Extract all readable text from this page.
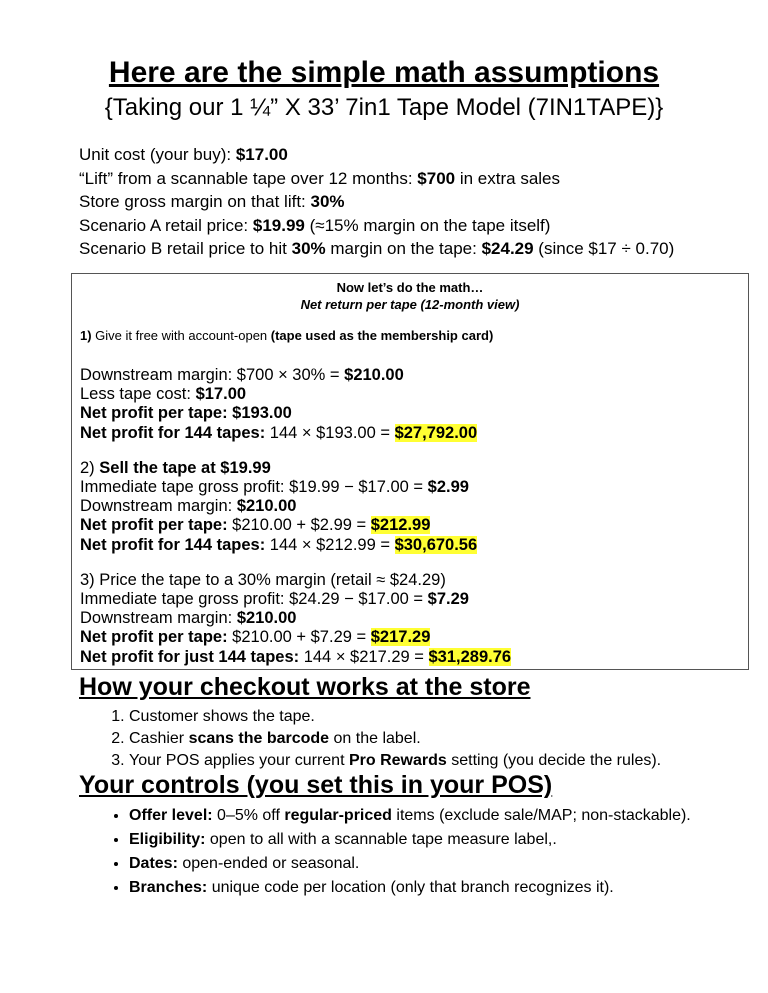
Here are the simple math assumptions
{Taking our 1 ¼” X 33’ 7in1 Tape Model (7IN1TAPE)}
Unit cost (your buy): $17.00
“Lift” from a scannable tape over 12 months: $700 in extra sales
Store gross margin on that lift: 30%
Scenario A retail price: $19.99 (≈15% margin on the tape itself)
Scenario B retail price to hit 30% margin on the tape: $24.29 (since $17 ÷ 0.70)
Now let’s do the math…
Net return per tape (12-month view)
1) Give it free with account-open (tape used as the membership card)
Downstream margin: $700 × 30% = $210.00
Less tape cost: $17.00
Net profit per tape: $193.00
Net profit for 144 tapes: 144 × $193.00 = $27,792.00
2) Sell the tape at $19.99
Immediate tape gross profit: $19.99 − $17.00 = $2.99
Downstream margin: $210.00
Net profit per tape: $210.00 + $2.99 = $212.99
Net profit for 144 tapes: 144 × $212.99 = $30,670.56
3) Price the tape to a 30% margin (retail ≈ $24.29)
Immediate tape gross profit: $24.29 − $17.00 = $7.29
Downstream margin: $210.00
Net profit per tape: $210.00 + $7.29 = $217.29
Net profit for just 144 tapes: 144 × $217.29 = $31,289.76
How your checkout works at the store
1. Customer shows the tape.
2. Cashier scans the barcode on the label.
3. Your POS applies your current Pro Rewards setting (you decide the rules).
Your controls (you set this in your POS)
• Offer level: 0–5% off regular-priced items (exclude sale/MAP; non-stackable).
• Eligibility: open to all with a scannable tape measure label,.
• Dates: open-ended or seasonal.
• Branches: unique code per location (only that branch recognizes it).
